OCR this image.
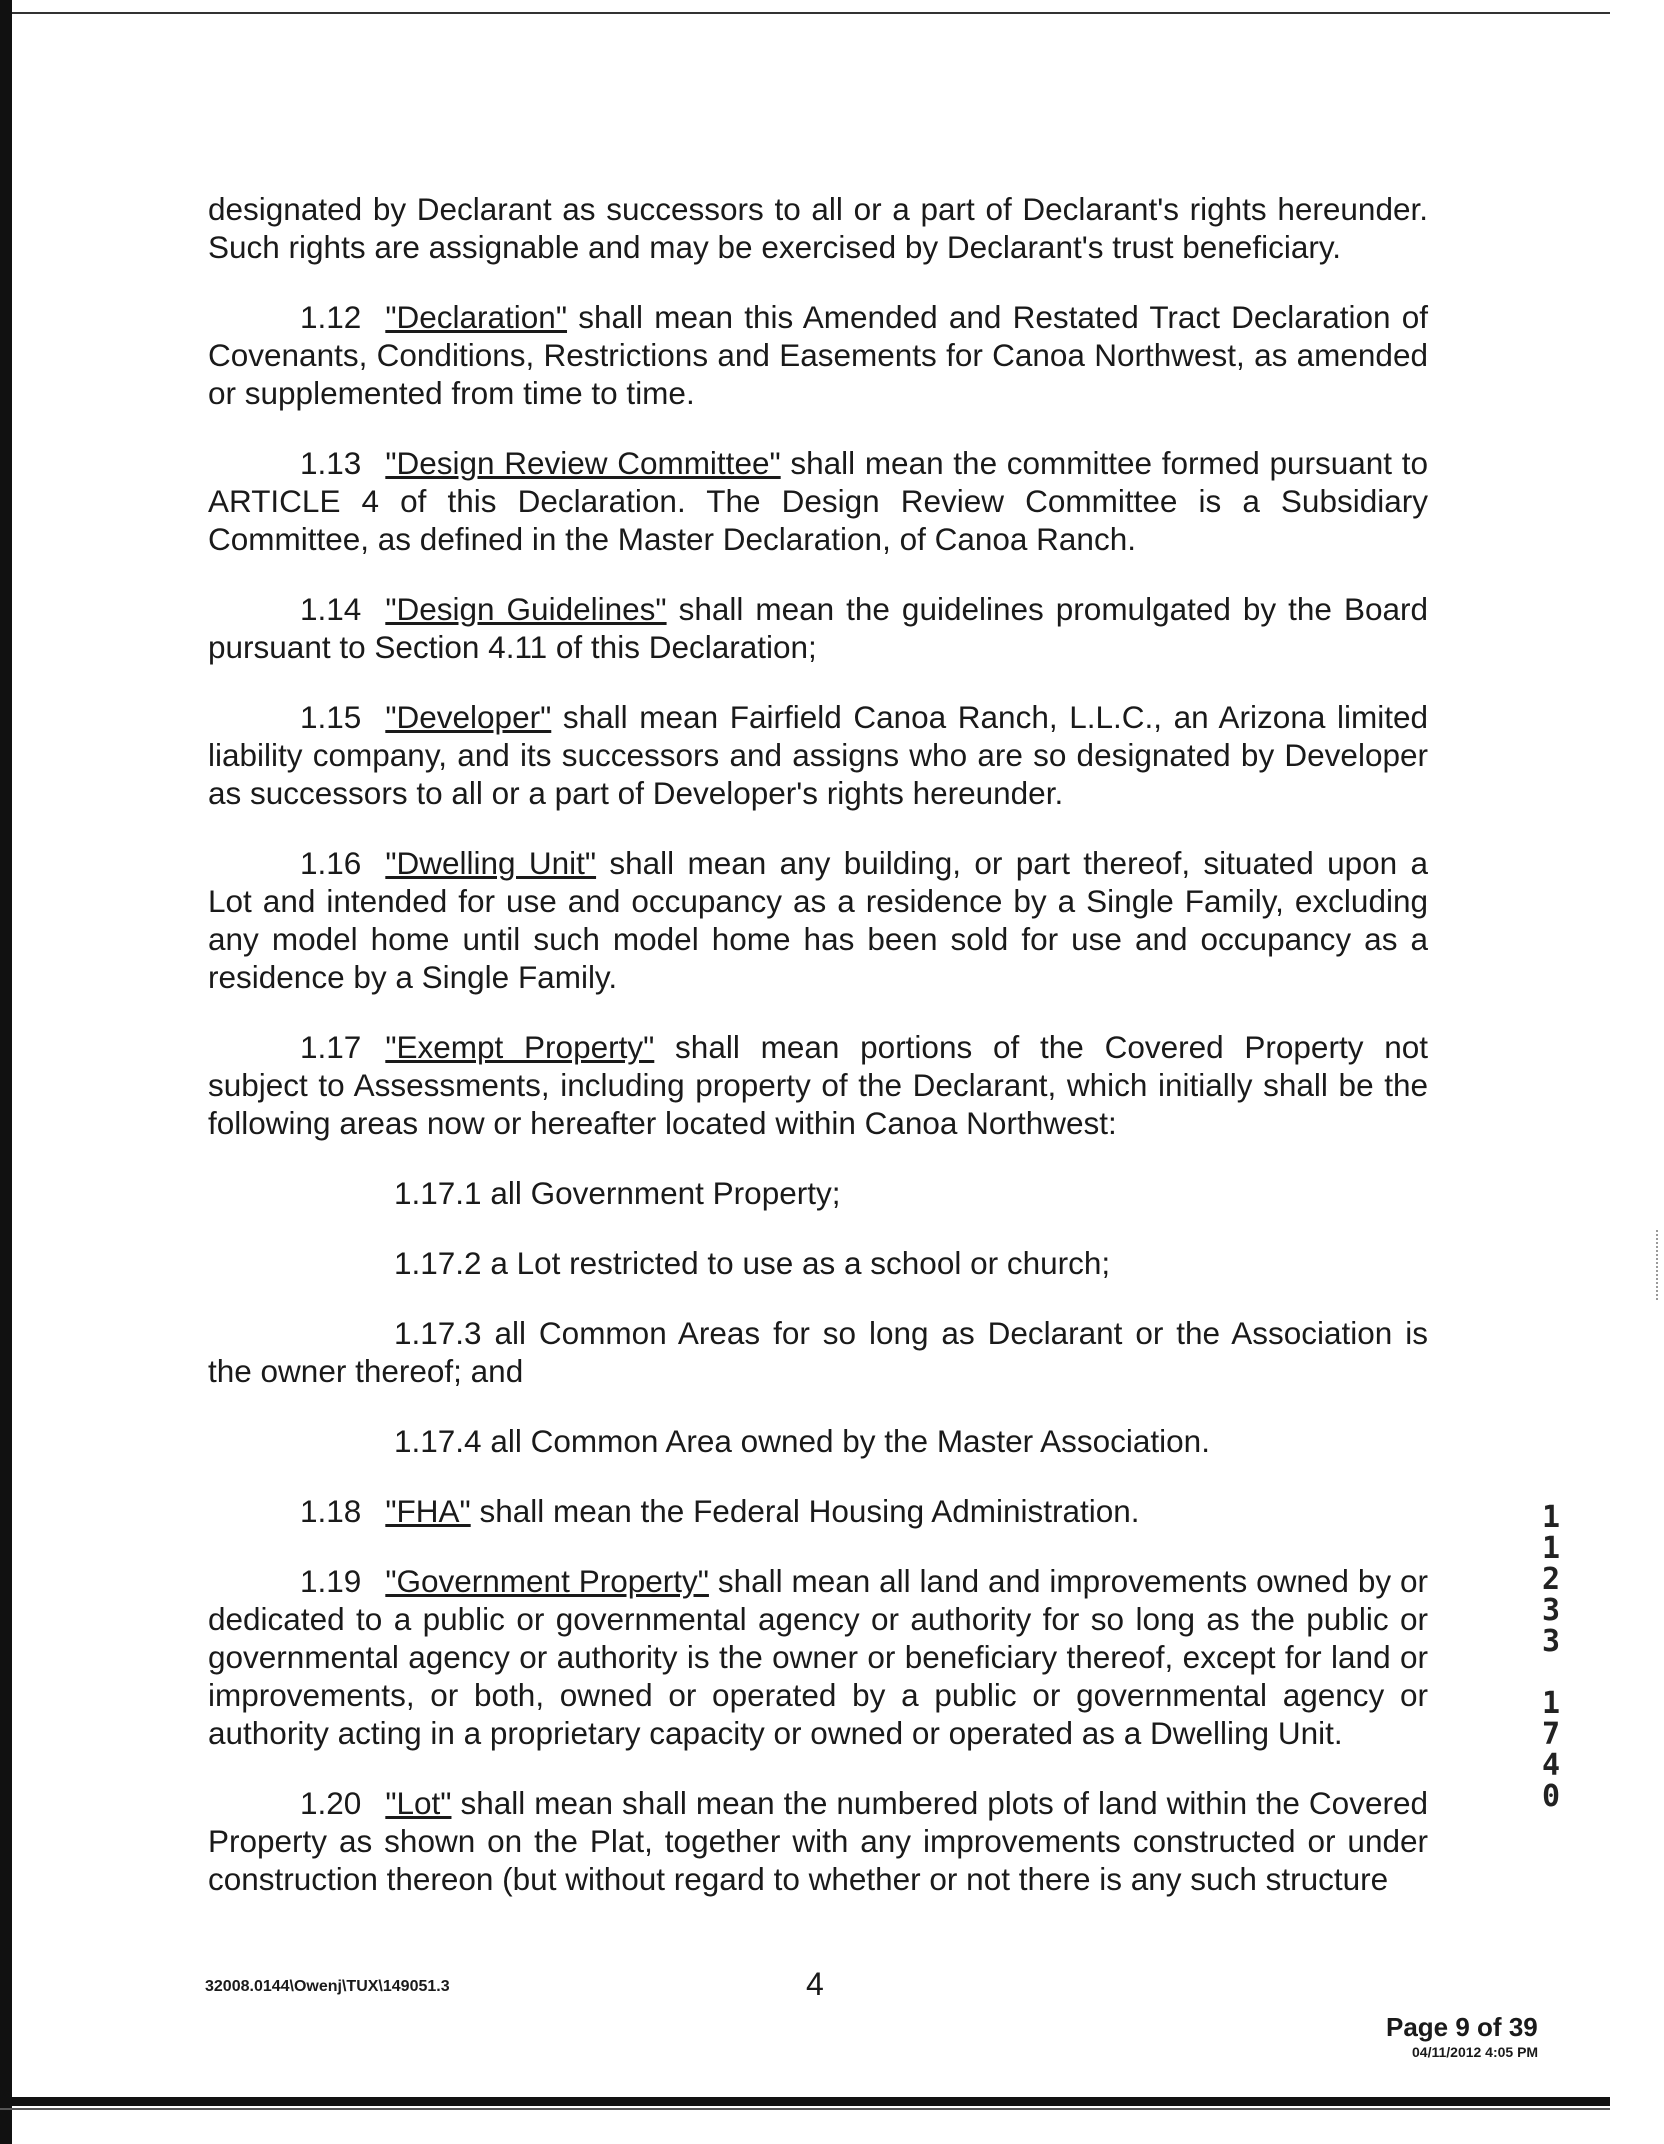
designated by Declarant as successors to all or a part of Declarant's rights hereunder. Such rights are assignable and may be exercised by Declarant's trust beneficiary.

1.12 "Declaration" shall mean this Amended and Restated Tract Declaration of Covenants, Conditions, Restrictions and Easements for Canoa Northwest, as amended or supplemented from time to time.

1.13 "Design Review Committee" shall mean the committee formed pursuant to ARTICLE 4 of this Declaration. The Design Review Committee is a Subsidiary Committee, as defined in the Master Declaration, of Canoa Ranch.

1.14 "Design Guidelines" shall mean the guidelines promulgated by the Board pursuant to Section 4.11 of this Declaration;

1.15 "Developer" shall mean Fairfield Canoa Ranch, L.L.C., an Arizona limited liability company, and its successors and assigns who are so designated by Developer as successors to all or a part of Developer's rights hereunder.

1.16 "Dwelling Unit" shall mean any building, or part thereof, situated upon a Lot and intended for use and occupancy as a residence by a Single Family, excluding any model home until such model home has been sold for use and occupancy as a residence by a Single Family.

1.17 "Exempt Property" shall mean portions of the Covered Property not subject to Assessments, including property of the Declarant, which initially shall be the following areas now or hereafter located within Canoa Northwest:

1.17.1 all Government Property;

1.17.2 a Lot restricted to use as a school or church;

1.17.3 all Common Areas for so long as Declarant or the Association is the owner thereof; and

1.17.4 all Common Area owned by the Master Association.

1.18 "FHA" shall mean the Federal Housing Administration.

1.19 "Government Property" shall mean all land and improvements owned by or dedicated to a public or governmental agency or authority for so long as the public or governmental agency or authority is the owner or beneficiary thereof, except for land or improvements, or both, owned or operated by a public or governmental agency or authority acting in a proprietary capacity or owned or operated as a Dwelling Unit.

1.20 "Lot" shall mean shall mean the numbered plots of land within the Covered Property as shown on the Plat, together with any improvements constructed or under construction thereon (but without regard to whether or not there is any such structure

32008.0144\Owenj\TUX\149051.3	4
Page 9 of 39
04/11/2012 4:05 PM
1
1
2
3
3
1
7
4
0
